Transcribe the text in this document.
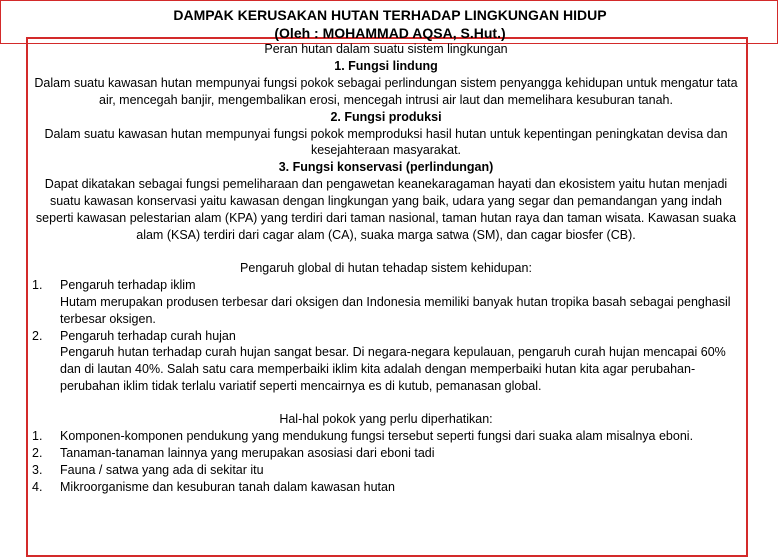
DAMPAK KERUSAKAN HUTAN TERHADAP LINGKUNGAN HIDUP
(Oleh : MOHAMMAD AQSA, S.Hut.)

Peran hutan dalam suatu sistem lingkungan

1. Fungsi lindung

Dalam suatu kawasan hutan mempunyai fungsi pokok sebagai perlindungan sistem penyangga kehidupan untuk mengatur tata air, mencegah banjir, mengembalikan erosi, mencegah intrusi air laut dan memelihara kesuburan tanah.

2. Fungsi produksi

Dalam suatu kawasan hutan mempunyai fungsi pokok memproduksi hasil hutan untuk kepentingan peningkatan devisa dan kesejahteraan masyarakat.

3. Fungsi konservasi (perlindungan)

Dapat dikatakan sebagai fungsi pemeliharaan dan pengawetan keanekaragaman hayati dan ekosistem yaitu hutan menjadi suatu kawasan konservasi yaitu kawasan dengan lingkungan yang baik, udara yang segar dan pemandangan yang indah seperti kawasan pelestarian alam (KPA) yang terdiri dari taman nasional, taman hutan raya dan taman wisata. Kawasan suaka alam (KSA) terdiri dari cagar alam (CA), suaka marga satwa (SM), dan cagar biosfer (CB).

Pengaruh global di hutan tehadap sistem kehidupan:

1.	Pengaruh terhadap iklim

Hutam merupakan produsen terbesar dari oksigen dan Indonesia memiliki banyak hutan tropika basah sebagai penghasil terbesar oksigen.

2.	Pengaruh terhadap curah hujan

Pengaruh hutan terhadap curah hujan sangat besar. Di negara-negara kepulauan, pengaruh curah hujan mencapai 60% dan di lautan 40%. Salah satu cara memperbaiki iklim kita adalah dengan memperbaiki hutan kita agar perubahan-perubahan iklim tidak terlalu variatif seperti mencairnya es di kutub, pemanasan global.

Hal-hal pokok yang perlu diperhatikan:

1.	Komponen-komponen pendukung yang mendukung fungsi tersebut seperti fungsi dari suaka alam misalnya eboni.
2.	Tanaman-tanaman lainnya yang merupakan asosiasi dari eboni tadi
3.	Fauna / satwa yang ada di sekitar itu
4.	Mikroorganisme dan kesuburan tanah dalam kawasan hutan
